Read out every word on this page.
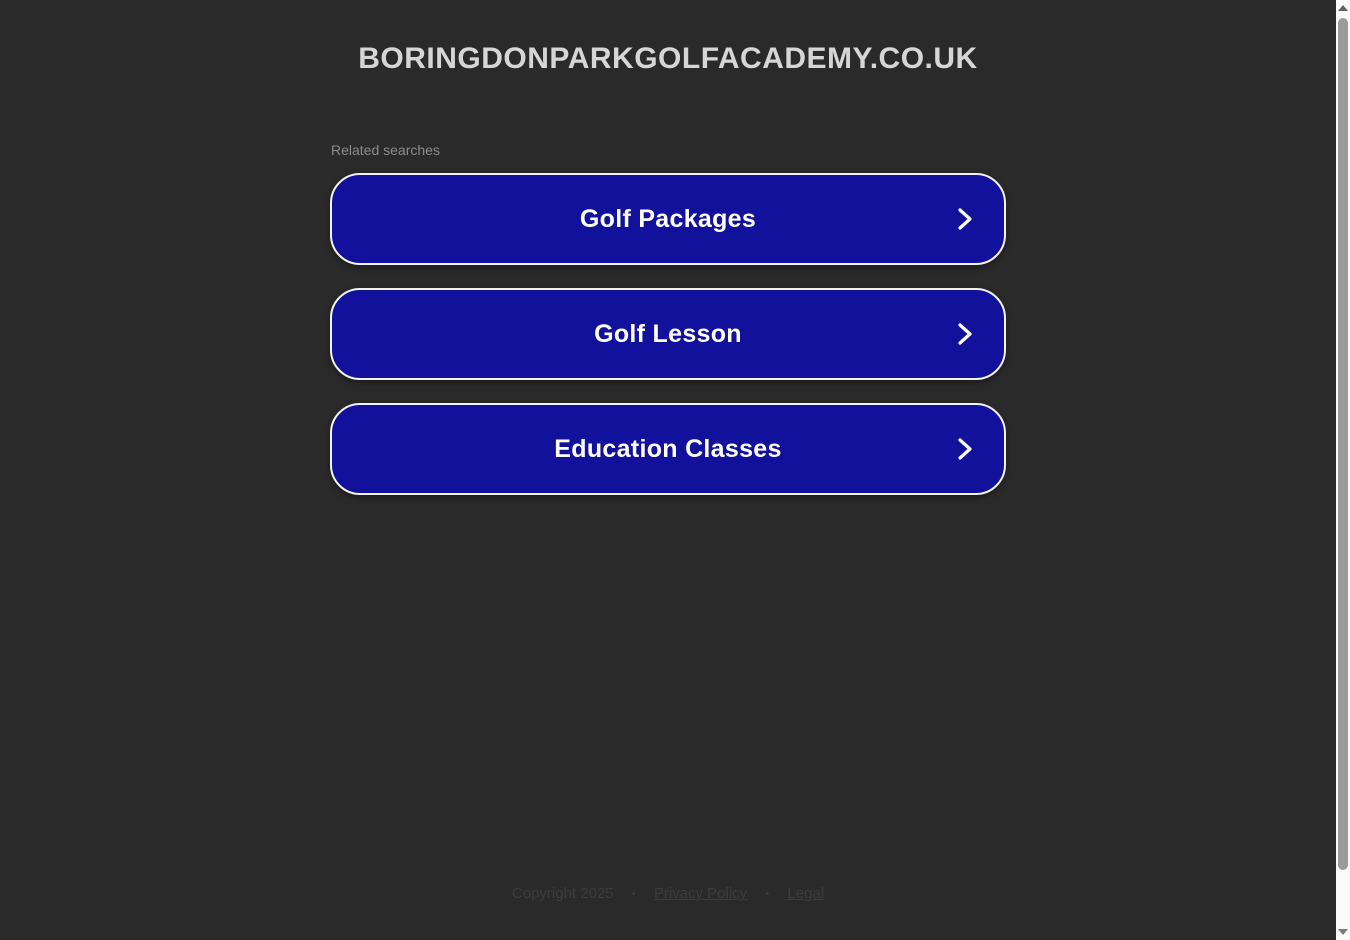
BORINGDONPARKGOLFACADEMY.CO.UK
Related searches
Golf Packages
Golf Lesson
Education Classes
Copyright 2025 • Privacy Policy • Legal
